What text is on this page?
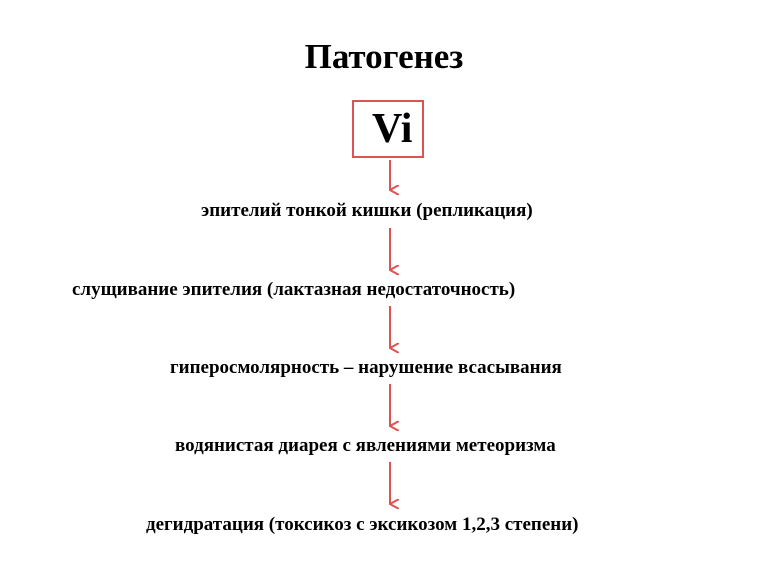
Патогенез
Vi
эпителий тонкой кишки (репликация)
слущивание эпителия (лактазная недостаточность)
гиперосмолярность – нарушение всасывания
водянистая диарея с явлениями метеоризма
дегидратация (токсикоз с эксикозом 1,2,3 степени)
